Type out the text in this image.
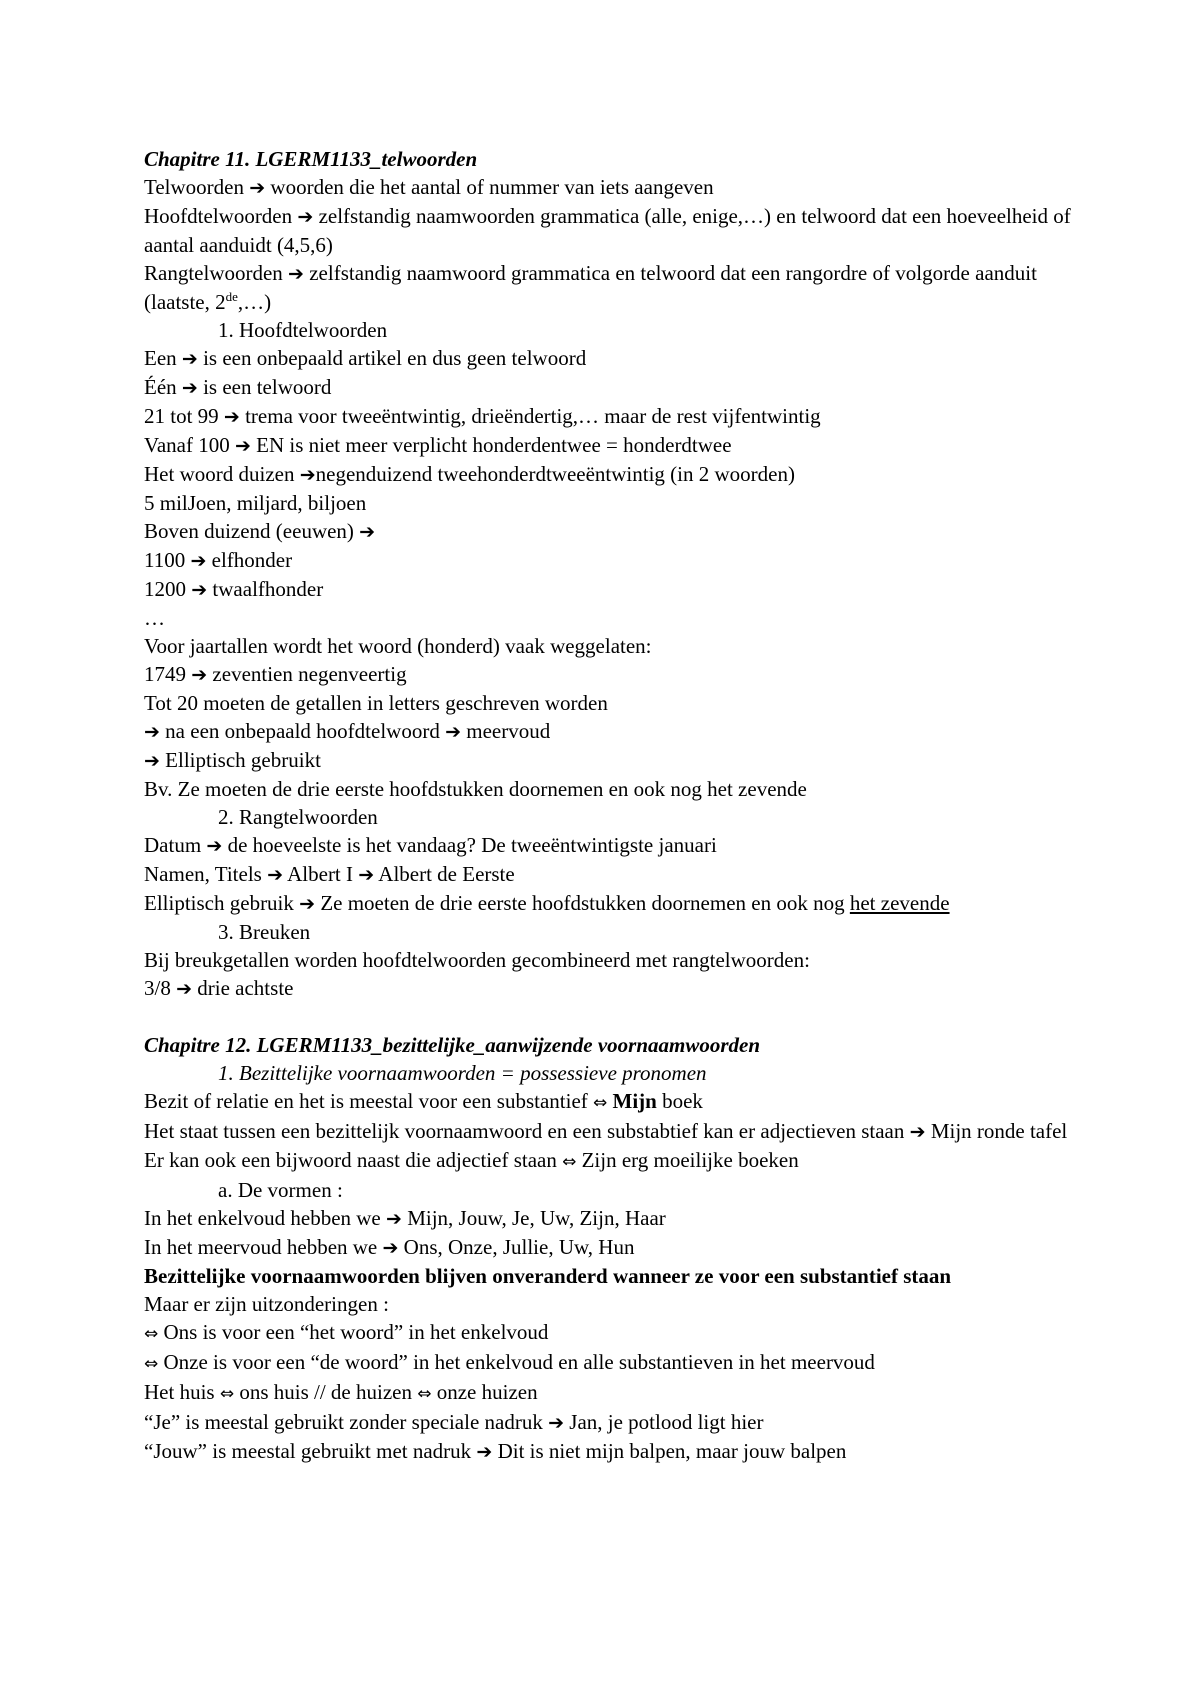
Chapitre 11. LGERM1133_telwoorden
Telwoorden ➔ woorden die het aantal of nummer van iets aangeven
Hoofdtelwoorden ➔ zelfstandig naamwoorden grammatica (alle, enige,…) en telwoord dat een hoeveelheid of aantal aanduidt (4,5,6)
Rangtelwoorden ➔ zelfstandig naamwoord grammatica en telwoord dat een rangordre of volgorde aanduit (laatste, 2de,…)
1. Hoofdtelwoorden
Een ➔ is een onbepaald artikel en dus geen telwoord
Één ➔ is een telwoord
21 tot 99 ➔ trema voor tweeëntwintig, drieëndertig,… maar de rest vijfentwintig
Vanaf 100 ➔ EN is niet meer verplicht honderdentwee = honderdtwee
Het woord duizen ➔negenduizend tweehonderdtweeëntwintig (in 2 woorden)
5 milJoen, miljard, biljoen
Boven duizend (eeuwen) ➔
1100 ➔ elfhonder
1200 ➔ twaalfhonder
…
Voor jaartallen wordt het woord (honderd) vaak weggelaten:
1749 ➔ zeventien negenveertig
Tot 20 moeten de getallen in letters geschreven worden
➔ na een onbepaald hoofdtelwoord ➔ meervoud
➔ Elliptisch gebruikt
Bv. Ze moeten de drie eerste hoofdstukken doornemen en ook nog het zevende
2. Rangtelwoorden
Datum ➔ de hoeveelste is het vandaag? De tweeëntwintigste januari
Namen, Titels ➔ Albert I ➔ Albert de Eerste
Elliptisch gebruik ➔ Ze moeten de drie eerste hoofdstukken doornemen en ook nog het zevende
3. Breuken
Bij breukgetallen worden hoofdtelwoorden gecombineerd met rangtelwoorden:
3/8 ➔ drie achtste
Chapitre 12. LGERM1133_bezittelijke_aanwijzende voornaamwoorden
1. Bezittelijke voornaamwoorden = possessieve pronomen
Bezit of relatie en het is meestal voor een substantief ⇔ Mijn boek
Het staat tussen een bezittelijk voornaamwoord en een substabtief kan er adjectieven staan ➔ Mijn ronde tafel
Er kan ook een bijwoord naast die adjectief staan ⇔ Zijn erg moeilijke boeken
a. De vormen :
In het enkelvoud hebben we ➔ Mijn, Jouw, Je, Uw, Zijn, Haar
In het meervoud hebben we ➔ Ons, Onze, Jullie, Uw, Hun
Bezittelijke voornaamwoorden blijven onveranderd wanneer ze voor een substantief staan
Maar er zijn uitzonderingen :
⇔ Ons is voor een “het woord” in het enkelvoud
⇔ Onze is voor een “de woord” in het enkelvoud en alle substantieven in het meervoud
Het huis ⇔ ons huis // de huizen ⇔ onze huizen
“Je” is meestal gebruikt zonder speciale nadruk ➔ Jan, je potlood ligt hier
“Jouw” is meestal gebruikt met nadruk ➔ Dit is niet mijn balpen, maar jouw balpen
